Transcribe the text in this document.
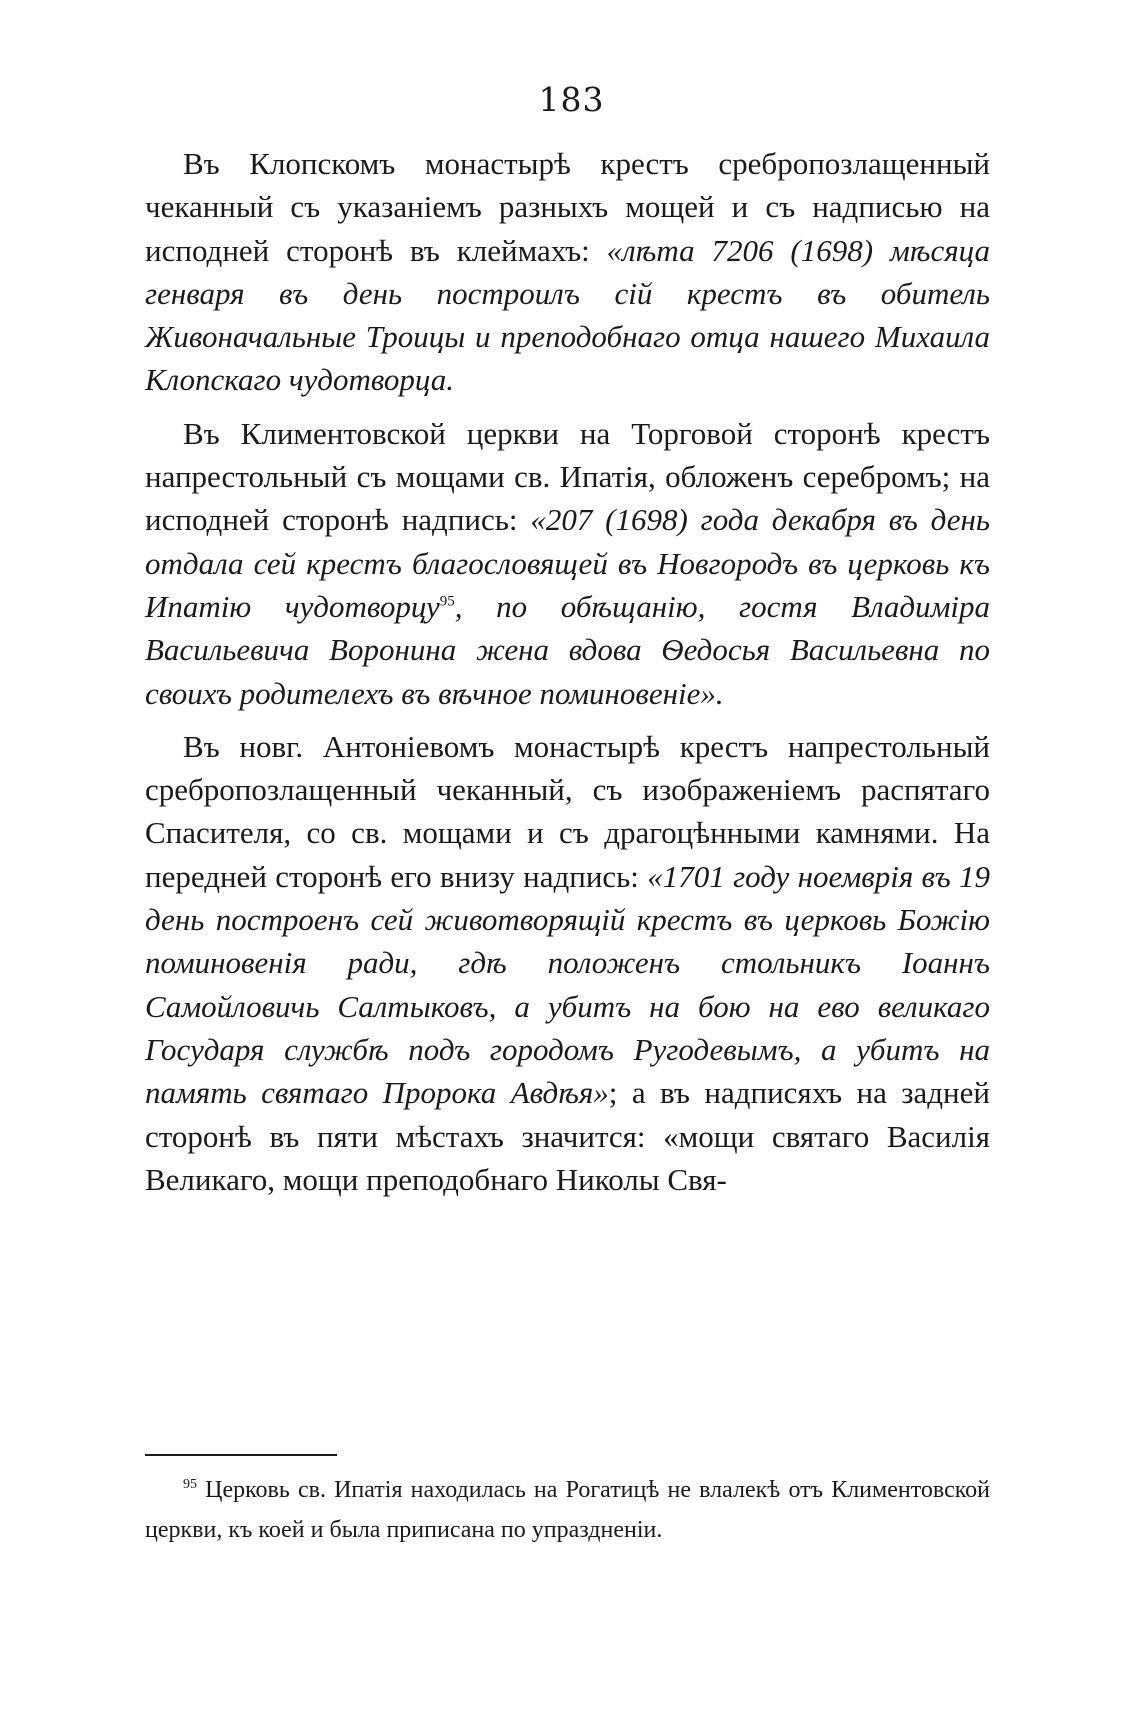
183

Въ Клопскомъ монастырѣ крестъ сребропозлащенный чеканный съ указаніемъ разныхъ мощей и съ надписью на исподней сторонѣ въ клеймахъ: «лѣта 7206 (1698) мѣсяца генваря въ день построилъ сій крестъ въ обитель Живоначальные Троицы и преподобнаго отца нашего Михаила Клопскаго чудотворца.

Въ Климентовской церкви на Торговой сторонѣ крестъ напрестольный съ мощами св. Ипатія, обложенъ серебромъ; на исподней сторонѣ надпись: «207 (1698) года декабря въ день отдала сей крестъ благословящей въ Новгородъ въ церковь къ Ипатію чудотворцу$^{95}$, по обѣщанію, гостя Владиміра Васильевича Воронина жена вдова Ѳедосья Васильевна по своихъ родителехъ въ вѣчное поминовеніе».

Въ новг. Антоніевомъ монастырѣ крестъ напрестольный сребропозлащенный чеканный, съ изображеніемъ распятаго Спасителя, со св. мощами и съ драгоцѣнными камнями. На передней сторонѣ его внизу надпись: «1701 году ноемврія въ 19 день построенъ сей животворящій крестъ въ церковь Божію поминовенія ради, гдѣ положенъ стольникъ Іоаннъ Самойловичь Салтыковъ, а убитъ на бою на ево великаго Государя службѣ подъ городомъ Ругодевымъ, а убитъ на память святаго Пророка Авдѣя»; а въ надписяхъ на задней сторонѣ въ пяти мѣстахъ значится: «мощи святаго Василія Великаго, мощи преподобнаго Николы Свя-

$^{95}$ Церковь св. Ипатія находилась на Рогатицѣ не влалекѣ отъ Климентовской церкви, къ коей и была приписана по упраздненіи.
